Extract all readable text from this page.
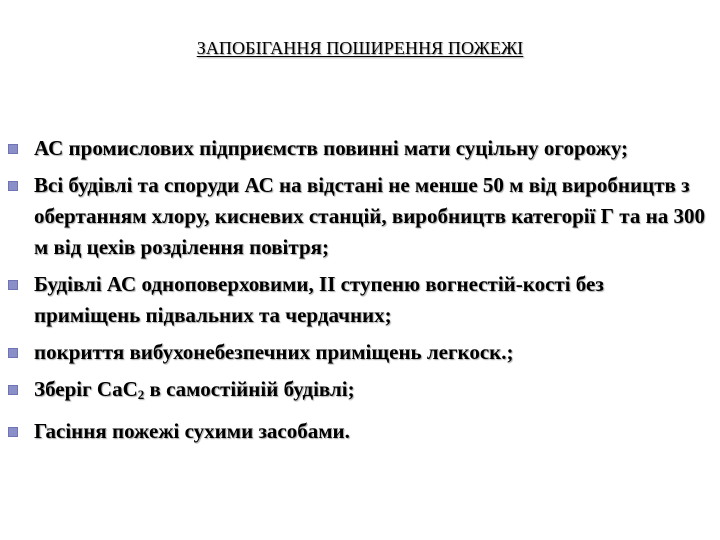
ЗАПОБІГАННЯ ПОШИРЕННЯ ПОЖЕЖІ
АС промислових підприємств повинні мати суцільну огорожу;
Всі будівлі та споруди АС на відстані не менше 50 м від виробництв з обертанням хлору, кисневих станцій, виробництв категорії Г та на 300 м від цехів розділення повітря;
Будівлі АС одноповерховими, ІІ ступеню вогнестій-кості без приміщень підвальних та чердачних;
покриття вибухонебезпечних приміщень легкоск.;
Зберіг СаС$_2$ в самостійній будівлі;
Гасіння пожежі сухими засобами.
